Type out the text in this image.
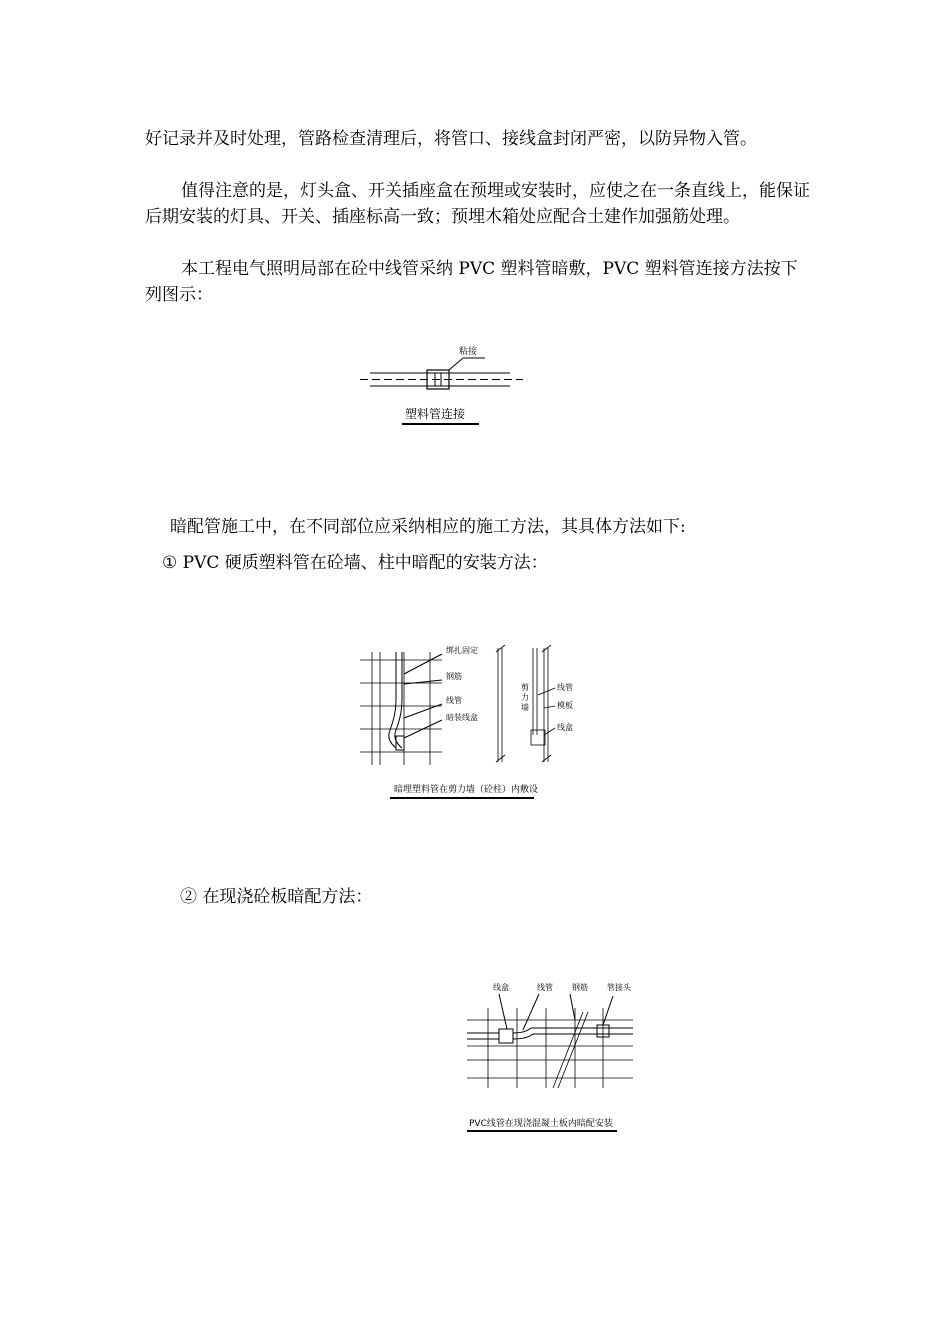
好记录并及时处理，管路检查清理后，将管口、接线盒封闭严密，以防异物入管。

值得注意的是，灯头盒、开关插座盒在预埋或安装时，应使之在一条直线上，能保证后期安装的灯具、开关、插座标高一致；预埋木箱处应配合土建作加强筋处理。

本工程电气照明局部在砼中线管采纳 PVC 塑料管暗敷，PVC 塑料管连接方法按下列图示：

粘接
塑料管连接

暗配管施工中，在不同部位应采纳相应的施工方法，其具体方法如下:

① PVC 硬质塑料管在砼墙、柱中暗配的安装方法：

绑扎固定
钢筋
线管
暗装线盒
剪力墙
线管
模板
线盒
暗埋塑料管在剪力墙（砼柱）内敷设

② 在现浇砼板暗配方法：

线盒	线管 钢筋 管接头
PVC线管在现浇混凝土板内暗配安装
